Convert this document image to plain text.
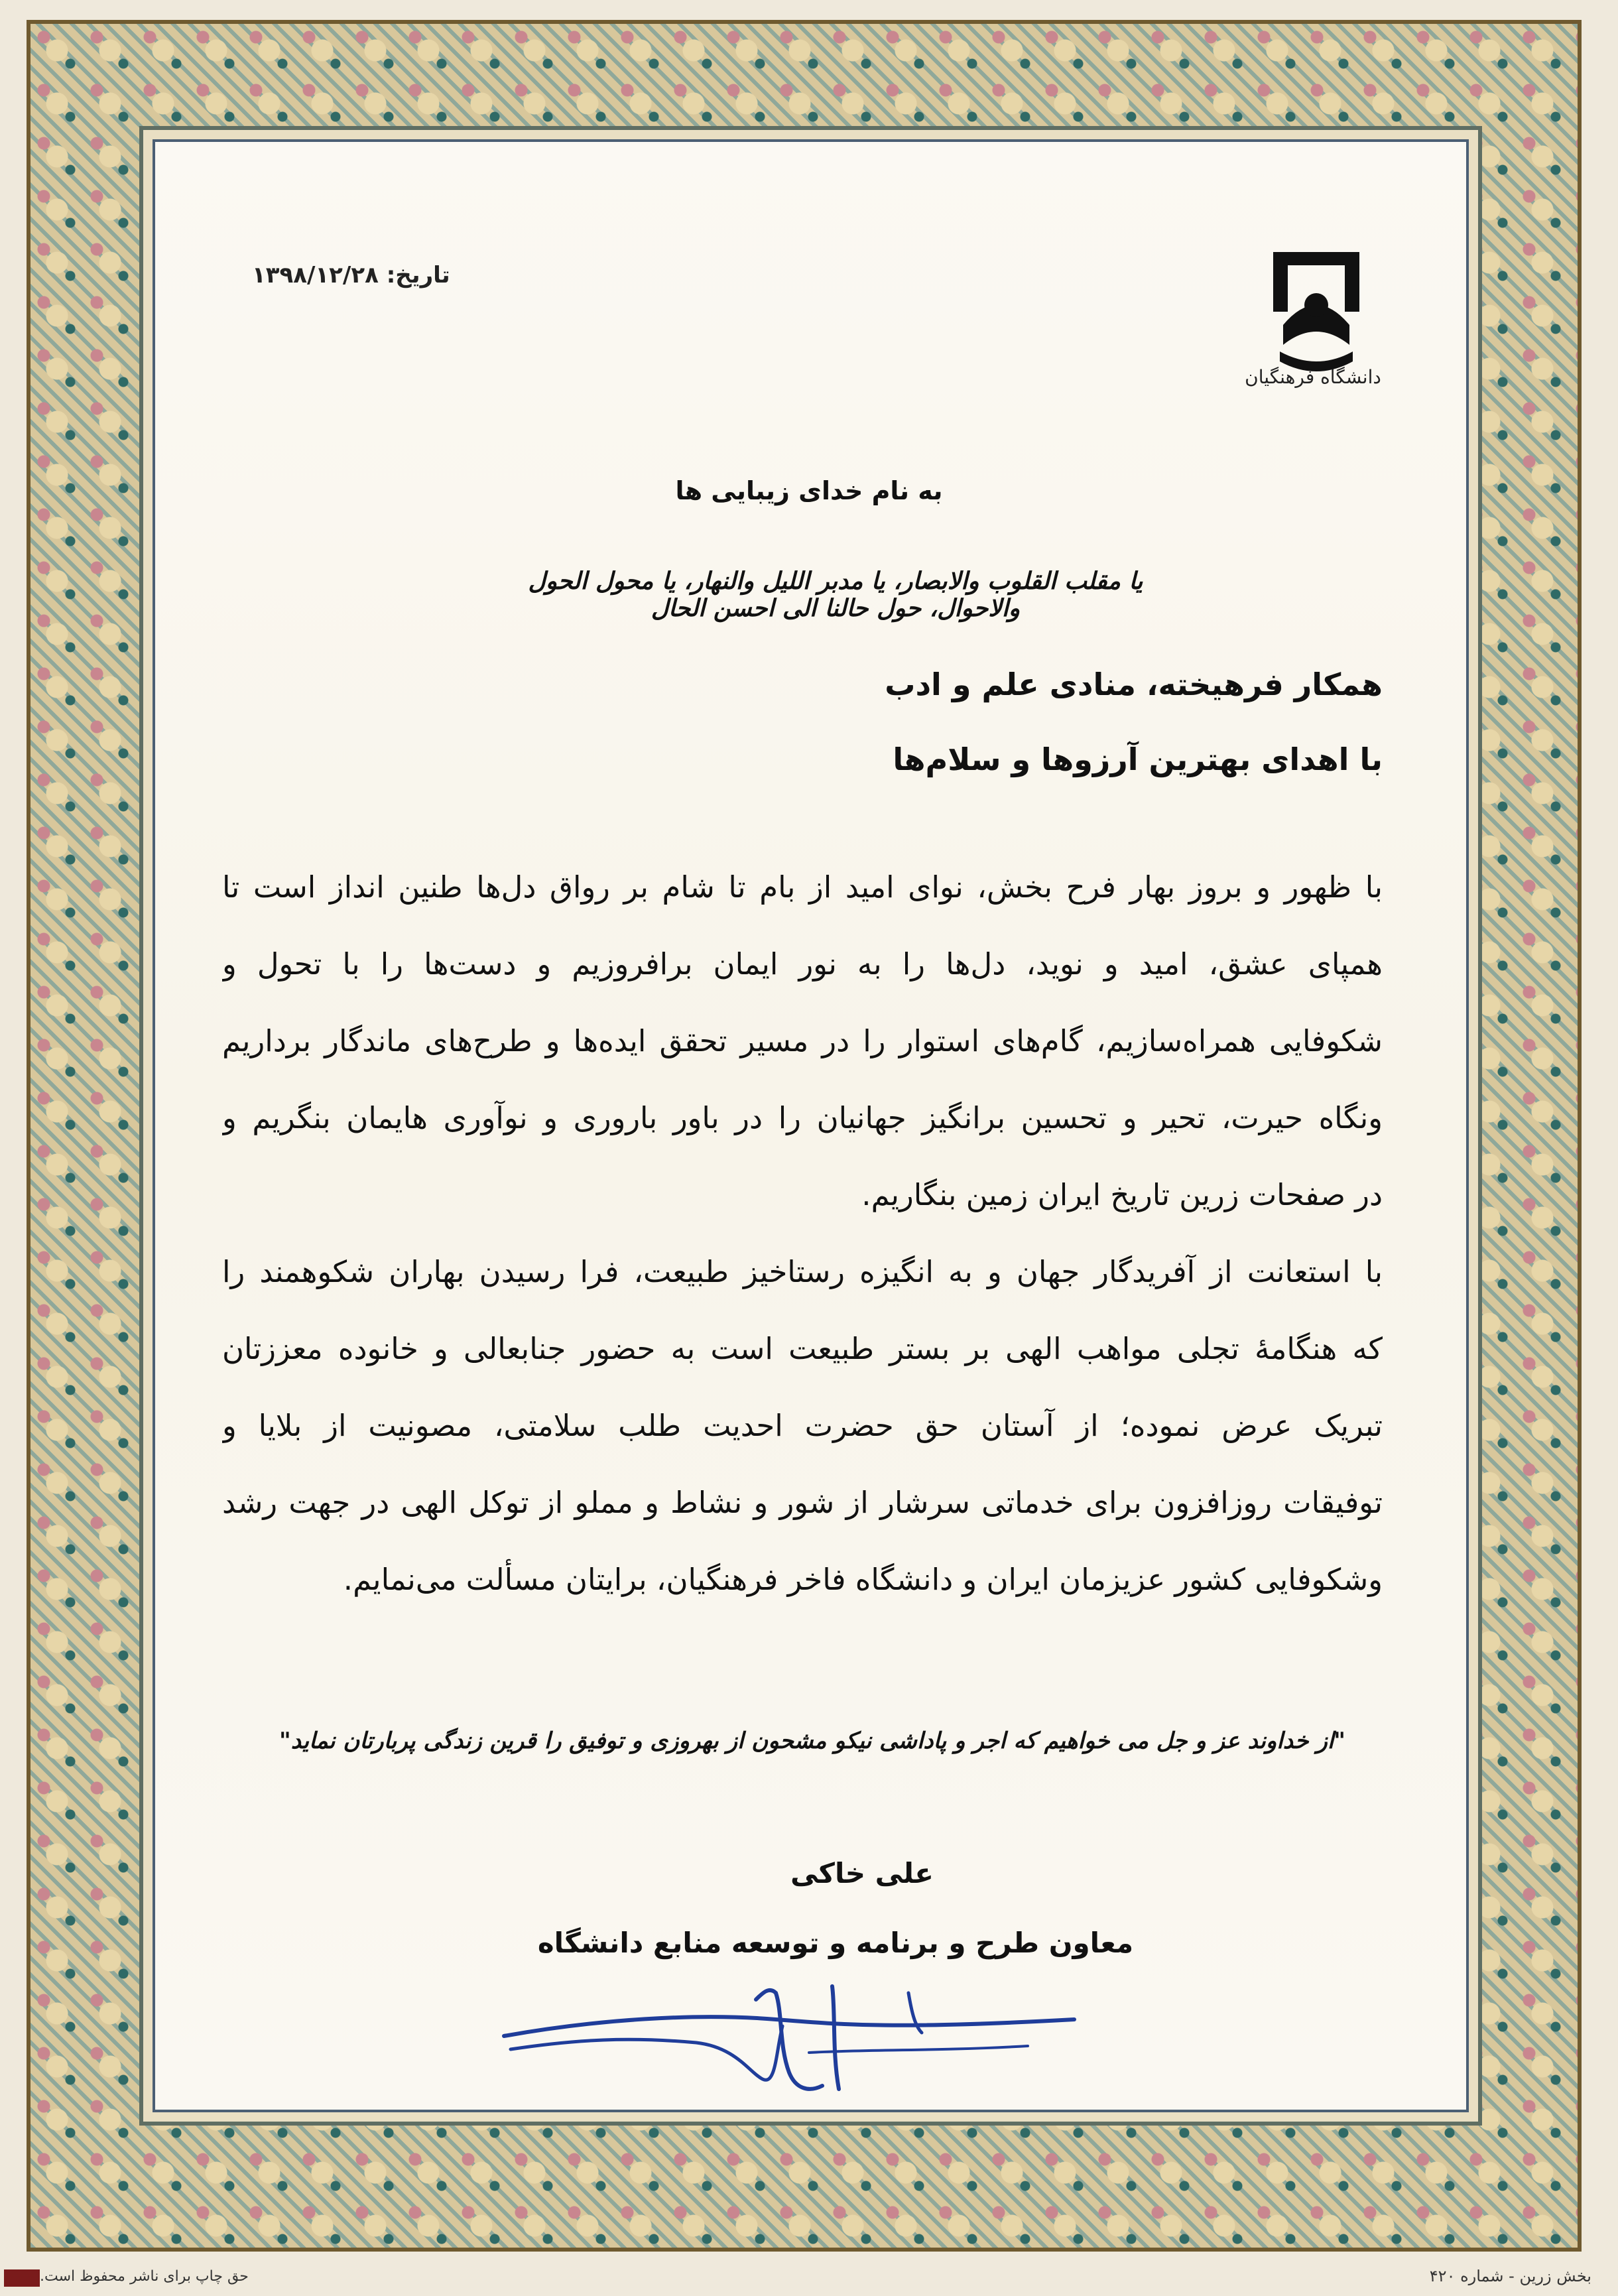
دانشگاه فرهنگیان
تاریخ: ۱۳۹۸/۱۲/۲۸
به نام خدای زیبایی ها
یا مقلب القلوب والابصار، یا مدبر اللیل والنهار، یا محول الحول والاحوال، حول حالنا الی احسن الحال
همکار فرهیخته، منادی علم و ادب
با اهدای بهترین آرزوها و سلام‌ها
با ظهور و بروز بهار فرح بخش، نوای امید از بام تا شام بر رواق دل‌ها طنین انداز است تا
همپای عشق، امید و نوید، دل‌ها را به نور ایمان برافروزیم و دست‌ها را با تحول و
شکوفایی همراه‌سازیم، گام‌های استوار را در مسیر تحقق ایده‌ها و طرح‌های ماندگار برداریم
ونگاه حیرت، تحیر و تحسین برانگیز جهانیان را در باور باروری و نوآوری هایمان بنگریم و
در صفحات زرین تاریخ ایران زمین بنگاریم.
با استعانت از آفریدگار جهان و به انگیزه رستاخیز طبیعت، فرا رسیدن بهاران شکوهمند را
که هنگامهٔ تجلی مواهب الهی بر بستر طبیعت است به حضور جنابعالی و خانوده معززتان
تبریک عرض نموده؛ از آستان حق حضرت احدیت طلب سلامتی، مصونیت از بلایا و
توفیقات روزافزون برای خدماتی سرشار از شور و نشاط و مملو از توکل الهی در جهت رشد
وشکوفایی کشور عزیزمان ایران و دانشگاه فاخر فرهنگیان، برایتان مسألت می‌نمایم.
"از خداوند عز و جل می خواهیم که اجر و پاداشی نیکو مشحون از بهروزی و توفیق را قرین زندگی پربارتان نماید"
علی خاکی
معاون طرح و برنامه و توسعه منابع دانشگاه
حق چاپ برای ناشر محفوظ است.	بخش زرین - شماره ۴۲۰
